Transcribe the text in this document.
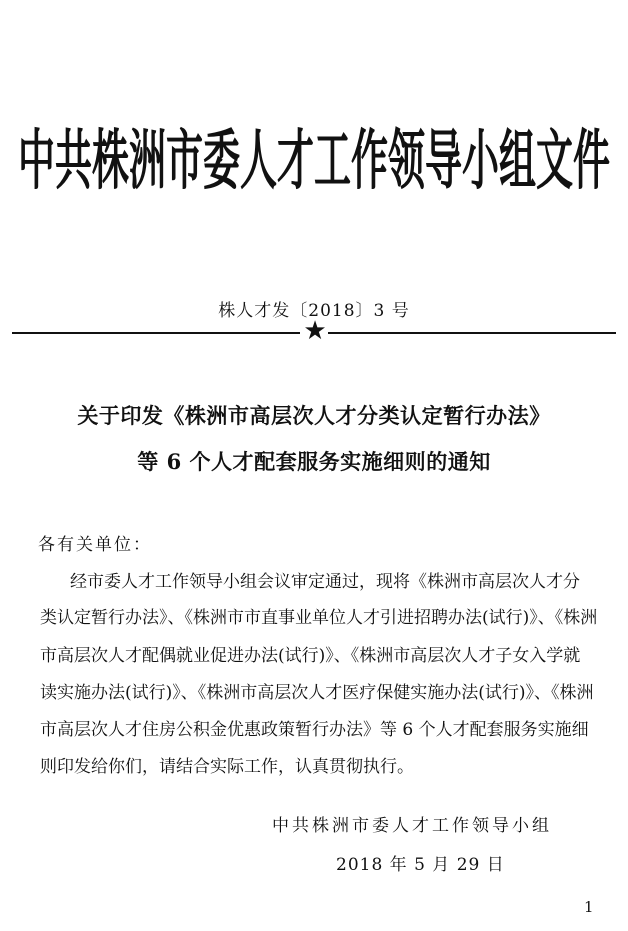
中共株洲市委人才工作领导小组文件
株人才发〔2018〕3 号
★
关于印发《株洲市高层次人才分类认定暂行办法》
等 6 个人才配套服务实施细则的通知
各有关单位：
经市委人才工作领导小组会议审定通过，现将《株洲市高层次人才分
类认定暂行办法》、《株洲市市直事业单位人才引进招聘办法(试行)》、《株洲
市高层次人才配偶就业促进办法(试行)》、《株洲市高层次人才子女入学就
读实施办法(试行)》、《株洲市高层次人才医疗保健实施办法(试行)》、《株洲
市高层次人才住房公积金优惠政策暂行办法》等 6 个人才配套服务实施细
则印发给你们，请结合实际工作，认真贯彻执行。
中共株洲市委人才工作领导小组
2018 年 5 月 29 日
1
